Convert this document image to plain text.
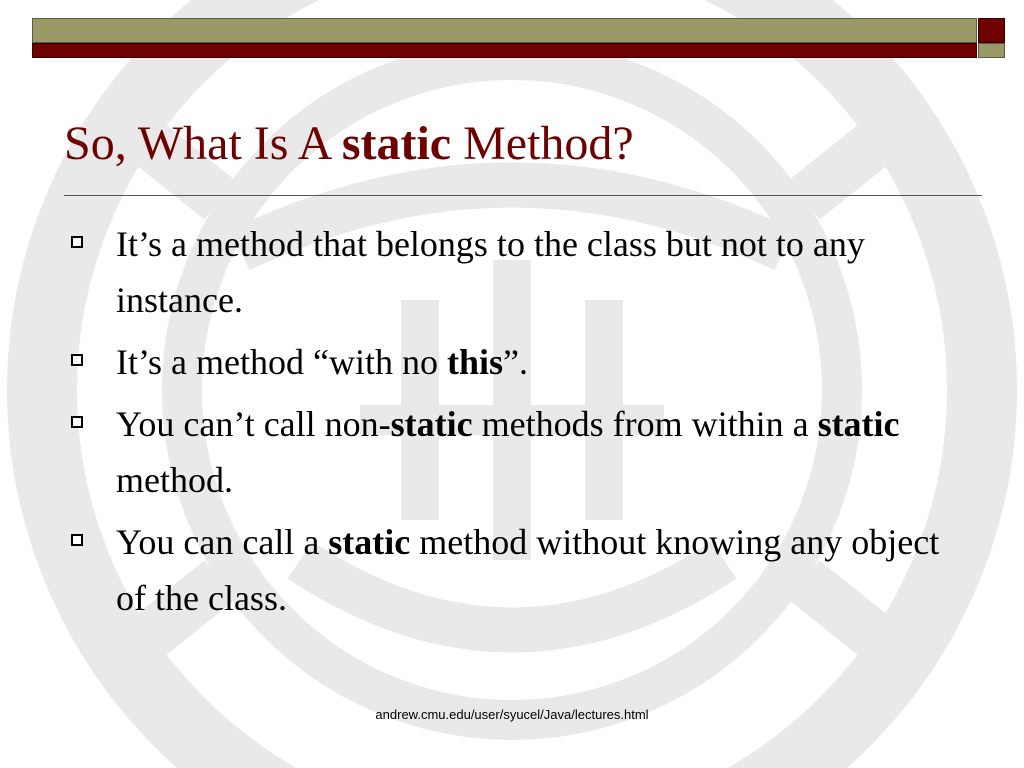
So, What Is A static Method?
It’s a method that belongs to the class but not to any instance.
It’s a method “with no this”.
You can’t call non-static methods from within a static method.
You can call a static method without knowing any object of the class.
andrew.cmu.edu/user/syucel/Java/lectures.html
